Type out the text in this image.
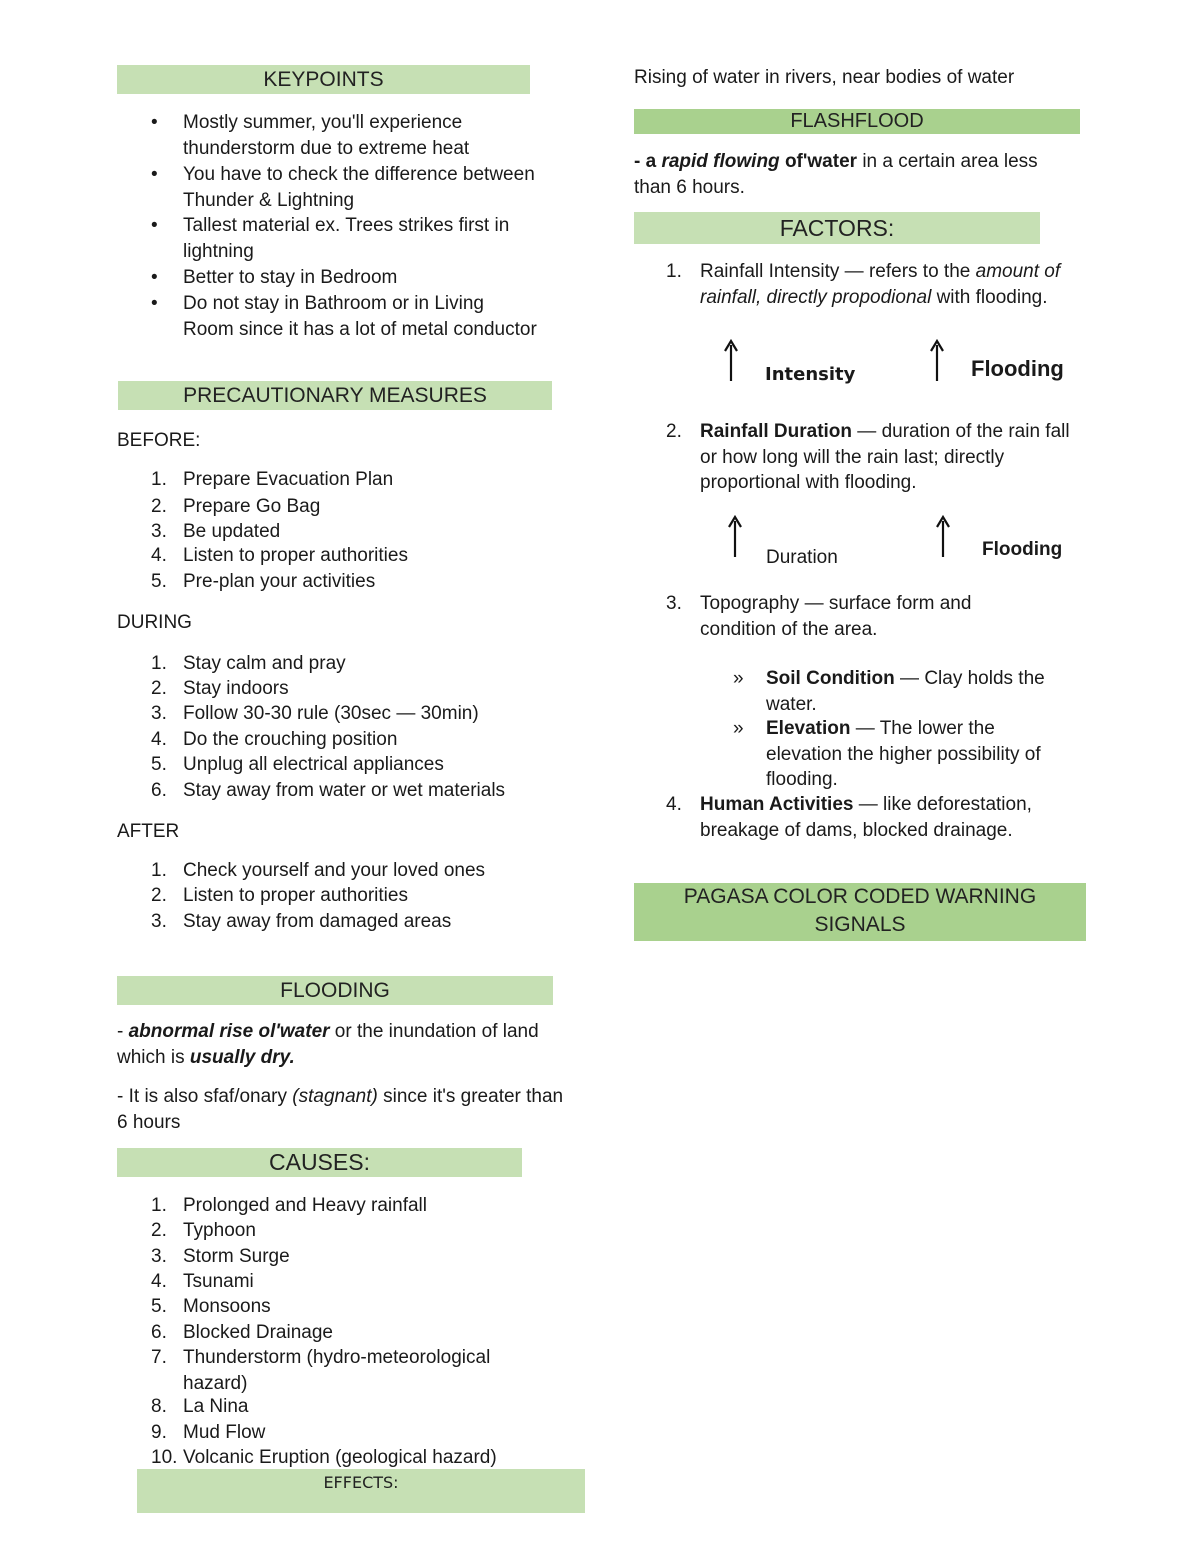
KEYPOINTS
• Mostly summer, you'll experience thunderstorm due to extreme heat
• You have to check the difference between Thunder & Lightning
• Tallest material ex. Trees strikes first in lightning
• Better to stay in Bedroom
• Do not stay in Bathroom or in Living Room since it has a lot of metal conductor
PRECAUTIONARY MEASURES
BEFORE:
1. Prepare Evacuation Plan
2. Prepare Go Bag
3. Be updated
4. Listen to proper authorities
5. Pre-plan your activities
DURING
1. Stay calm and pray
2. Stay indoors
3. Follow 30-30 rule (30sec — 30min)
4. Do the crouching position
5. Unplug all electrical appliances
6. Stay away from water or wet materials
AFTER
1. Check yourself and your loved ones
2. Listen to proper authorities
3. Stay away from damaged areas
FLOODING
- abnormal rise ol'water or the inundation of land which is usually dry.
- It is also sfaf/onary (stagnant) since it's greater than 6 hours
CAUSES:
1. Prolonged and Heavy rainfall
2. Typhoon
3. Storm Surge
4. Tsunami
5. Monsoons
6. Blocked Drainage
7. Thunderstorm (hydro-meteorological hazard)
8. La Nina
9. Mud Flow
10. Volcanic Eruption (geological hazard)
EFFECTS:
Rising of water in rivers, near bodies of water
FLASHFLOOD
- a rapid flowing of'water in a certain area less than 6 hours.
FACTORS:
1. Rainfall Intensity — refers to the amount of rainfall, directly propodional with flooding.
Intensity	Flooding
2. Rainfall Duration — duration of the rain fall or how long will the rain last; directly proportional with flooding.
Duration	Flooding
3. Topography — surface form and condition of the area.
» Soil Condition — Clay holds the water.
» Elevation — The lower the elevation the higher possibility of flooding.
4. Human Activities — like deforestation, breakage of dams, blocked drainage.
PAGASA COLOR CODED WARNING SIGNALS
